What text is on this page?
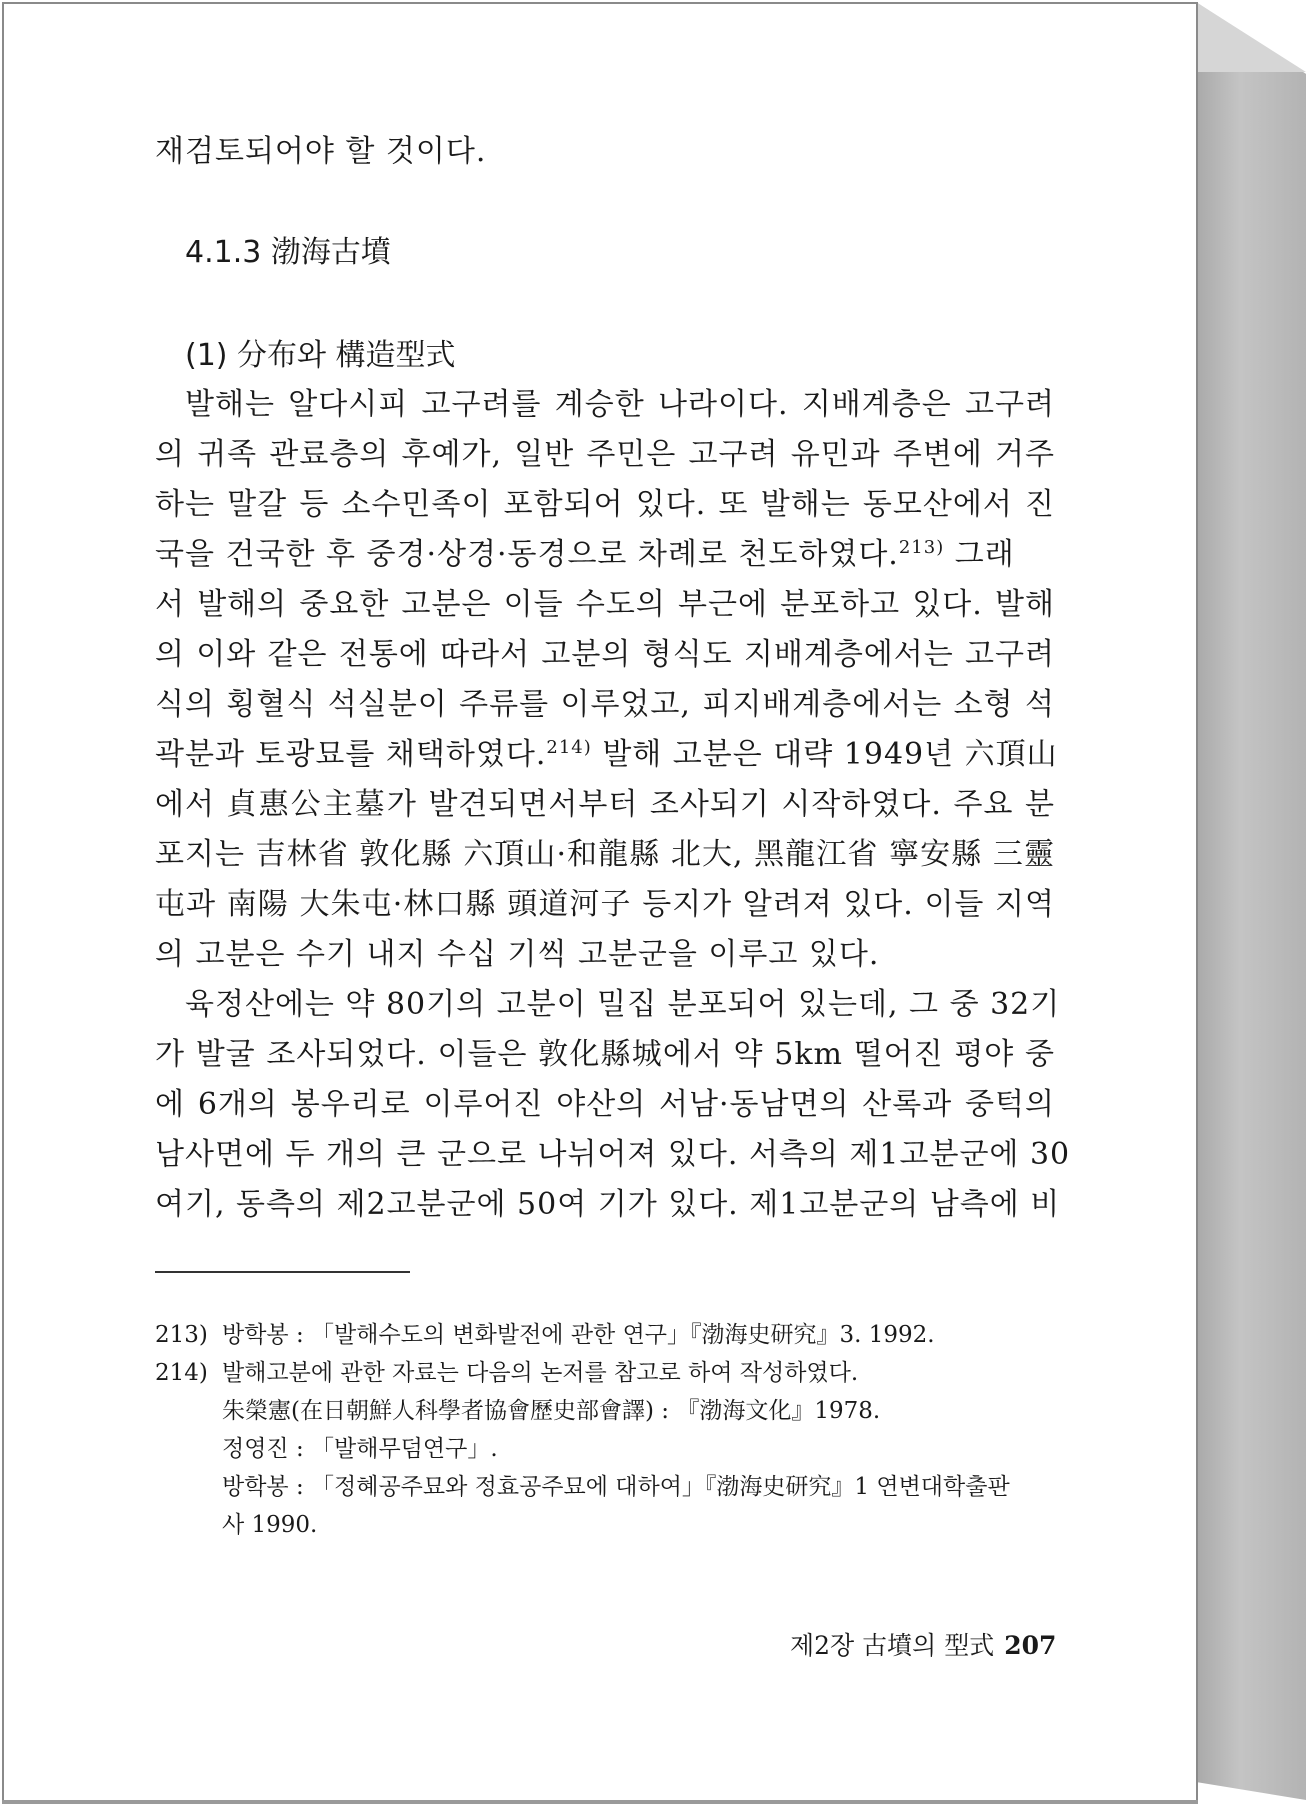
재검토되어야 할 것이다.
4.1.3 渤海古墳
(1) 分布와 構造型式
발해는 알다시피 고구려를 계승한 나라이다. 지배계층은 고구려
의 귀족 관료층의 후예가, 일반 주민은 고구려 유민과 주변에 거주
하는 말갈 등 소수민족이 포함되어 있다. 또 발해는 동모산에서 진
국을 건국한 후 중경·상경·동경으로 차례로 천도하였다.$^{213)}$ 그래
서 발해의 중요한 고분은 이들 수도의 부근에 분포하고 있다. 발해
의 이와 같은 전통에 따라서 고분의 형식도 지배계층에서는 고구려
식의 횡혈식 석실분이 주류를 이루었고, 피지배계층에서는 소형 석
곽분과 토광묘를 채택하였다.$^{214)}$ 발해 고분은 대략 1949년 六頂山
에서 貞惠公主墓가 발견되면서부터 조사되기 시작하였다. 주요 분
포지는 吉林省 敦化縣 六頂山·和龍縣 北大, 黑龍江省 寧安縣 三靈
屯과 南陽 大朱屯·林口縣 頭道河子 등지가 알려져 있다. 이들 지역
의 고분은 수기 내지 수십 기씩 고분군을 이루고 있다.
육정산에는 약 80기의 고분이 밀집 분포되어 있는데, 그 중 32기
가 발굴 조사되었다. 이들은 敦化縣城에서 약 5km 떨어진 평야 중
에 6개의 봉우리로 이루어진 야산의 서남·동남면의 산록과 중턱의
남사면에 두 개의 큰 군으로 나뉘어져 있다. 서측의 제1고분군에 30
여기, 동측의 제2고분군에 50여 기가 있다. 제1고분군의 남측에 비
213) 방학봉 : 「발해수도의 변화발전에 관한 연구」『渤海史研究』3. 1992.
214) 발해고분에 관한 자료는 다음의 논저를 참고로 하여 작성하였다.
朱榮憲(在日朝鮮人科學者協會歷史部會譯) : 『渤海文化』1978.
정영진 : 「발해무덤연구」.
방학봉 : 「정혜공주묘와 정효공주묘에 대하여」『渤海史研究』1 연변대학출판
사 1990.
제2장 古墳의 型式 207
